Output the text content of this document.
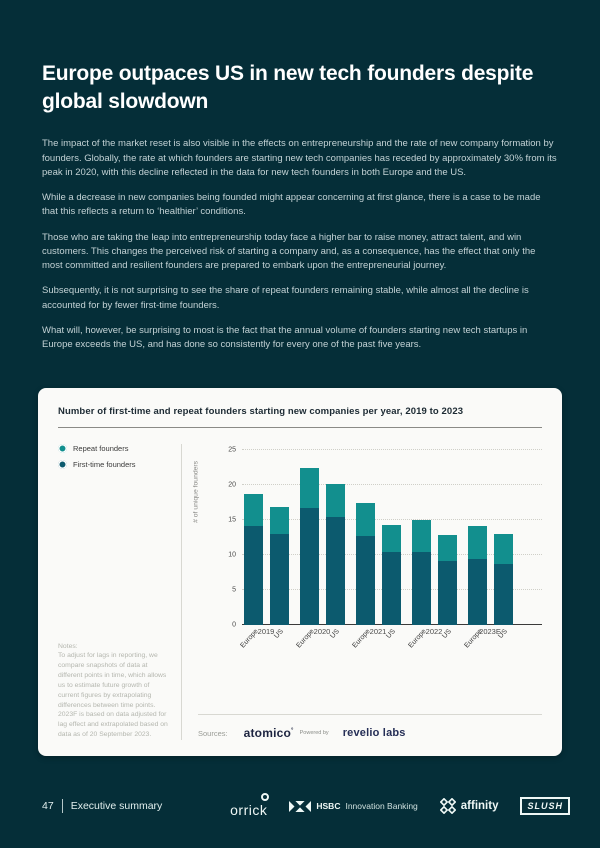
Europe outpaces US in new tech founders despite global slowdown

The impact of the market reset is also visible in the effects on entrepreneurship and the rate of new company formation by founders. Globally, the rate at which founders are starting new tech companies has receded by approximately 30% from its peak in 2020, with this decline reflected in the data for new tech founders in both Europe and the US.

While a decrease in new companies being founded might appear concerning at first glance, there is a case to be made that this reflects a return to ‘healthier’ conditions.

Those who are taking the leap into entrepreneurship today face a higher bar to raise money, attract talent, and win customers. This changes the perceived risk of starting a company and, as a consequence, has the effect that only the most committed and resilient founders are prepared to embark upon the entrepreneurial journey.

Subsequently, it is not surprising to see the share of repeat founders remaining stable, while almost all the decline is accounted for by fewer first-time founders.

What will, however, be surprising to most is the fact that the annual volume of founders starting new tech startups in Europe exceeds the US, and has done so consistently for every one of the past five years.

Number of first-time and repeat founders starting new companies per year, 2019 to 2023
Repeat founders
First-time founders
Notes:
To adjust for lags in reporting, we compare snapshots of data at different points in time, which allows us to estimate future growth of current figures by extrapolating differences between time points. 2023F is based on data adjusted for lag effect and extrapolated based on data as of 20 September 2023.
# of unique founders
0
5
10
15
20
25
Europe US Europe US Europe US Europe US Europe US
2019	2020	2021	2022	2023E
Sources: atomico° Powered by revelio labs
47 Executive summary	orrick	HSBC Innovation Banking	affinity	SLUSH
